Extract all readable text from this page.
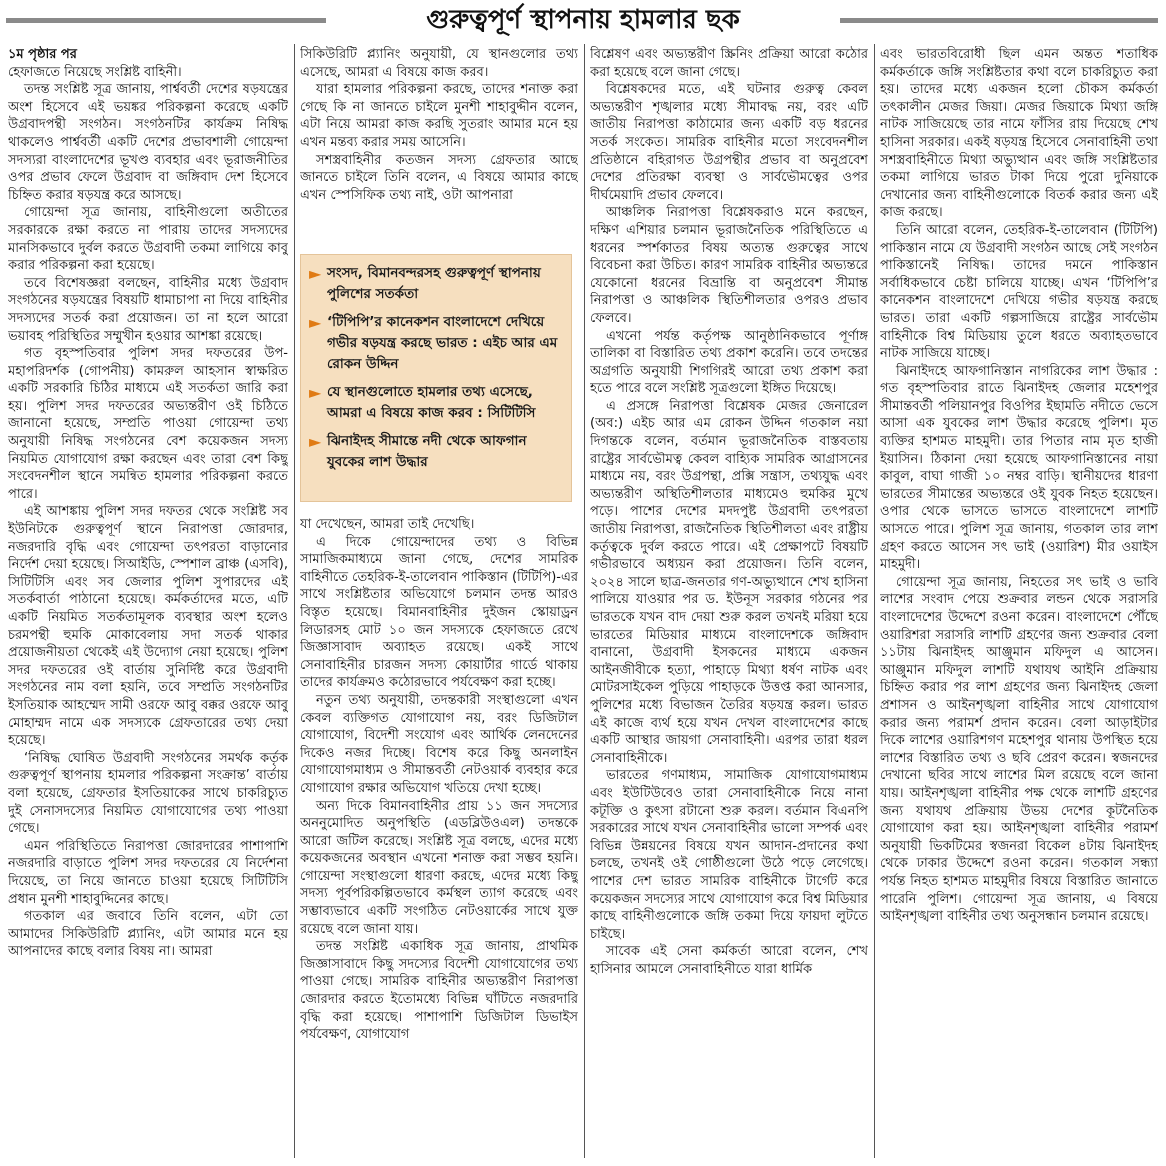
গুরুত্বপূর্ণ স্থাপনায় হামলার ছক

১ম পৃষ্ঠার পর

হেফাজতে নিয়েছে সংশ্লিষ্ট বাহিনী।

তদন্ত সংশ্লিষ্ট সূত্র জানায়, পার্শ্ববর্তী দেশের ষড়যন্ত্রের অংশ হিসেবে এই ভয়ঙ্কর পরিকল্পনা করেছে একটি উগ্রবাদপন্থী সংগঠন। সংগঠনটির কার্যক্রম নিষিদ্ধ থাকলেও পার্শ্ববর্তী একটি দেশের প্রভাবশালী গোয়েন্দা সদস্যরা বাংলাদেশের ভূখণ্ড ব্যবহার এবং ভূরাজনীতির ওপর প্রভাব ফেলে উগ্রবাদ বা জঙ্গিবাদ দেশ হিসেবে চিহ্নিত করার ষড়যন্ত্র করে আসছে।

গোয়েন্দা সূত্র জানায়, বাহিনীগুলো অতীতের সরকারকে রক্ষা করতে না পারায় তাদের সদস্যদের মানসিকভাবে দুর্বল করতে উগ্রবাদী তকমা লাগিয়ে কাবু করার পরিকল্পনা করা হয়েছে।

তবে বিশেষজ্ঞরা বলছেন, বাহিনীর মধ্যে উগ্রবাদ সংগঠনের ষড়যন্ত্রের বিষয়টি ধামাচাপা না দিয়ে বাহিনীর সদস্যদের সতর্ক করা প্রয়োজন। তা না হলে আরো ভয়াবহ পরিস্থিতির সম্মুখীন হওয়ার আশঙ্কা রয়েছে।

গত বৃহস্পতিবার পুলিশ সদর দফতরের উপ-মহাপরিদর্শক (গোপনীয়) কামরুল আহসান স্বাক্ষরিত একটি সরকারি চিঠির মাধ্যমে এই সতর্কতা জারি করা হয়। পুলিশ সদর দফতরের অভ্যন্তরীণ ওই চিঠিতে জানানো হয়েছে, সম্প্রতি পাওয়া গোয়েন্দা তথ্য অনুযায়ী নিষিদ্ধ সংগঠনের বেশ কয়েকজন সদস্য নিয়মিত যোগাযোগ রক্ষা করছেন এবং তারা বেশ কিছু সংবেদনশীল স্থানে সমন্বিত হামলার পরিকল্পনা করতে পারে।

এই আশঙ্কায় পুলিশ সদর দফতর থেকে সংশ্লিষ্ট সব ইউনিটকে গুরুত্বপূর্ণ স্থানে নিরাপত্তা জোরদার, নজরদারি বৃদ্ধি এবং গোয়েন্দা তৎপরতা বাড়ানোর নির্দেশ দেয়া হয়েছে। সিআইডি, স্পেশাল ব্রাঞ্চ (এসবি), সিটিটিসি এবং সব জেলার পুলিশ সুপারদের এই সতর্কবার্তা পাঠানো হয়েছে। কর্মকর্তাদের মতে, এটি একটি নিয়মিত সতর্কতামূলক ব্যবস্থার অংশ হলেও চরমপন্থী হুমকি মোকাবেলায় সদা সতর্ক থাকার প্রয়োজনীয়তা থেকেই এই উদ্যোগ নেয়া হয়েছে। পুলিশ সদর দফতরের ওই বার্তায় সুনির্দিষ্ট করে উগ্রবাদী সংগঠনের নাম বলা হয়নি, তবে সম্প্রতি সংগঠনটির ইসতিয়াক আহম্মেদ সামী ওরফে আবু বক্কর ওরফে আবু মোহাম্মদ নামে এক সদস্যকে গ্রেফতারের তথ্য দেয়া হয়েছে।

‘নিষিদ্ধ ঘোষিত উগ্রবাদী সংগঠনের সমর্থক কর্তৃক গুরুত্বপূর্ণ স্থাপনায় হামলার পরিকল্পনা সংক্রান্ত’ বার্তায় বলা হয়েছে, গ্রেফতার ইসতিয়াকের সাথে চাকরিচ্যুত দুই সেনাসদস্যের নিয়মিত যোগাযোগের তথ্য পাওয়া গেছে।

এমন পরিস্থিতিতে নিরাপত্তা জোরদারের পাশাপাশি নজরদারি বাড়াতে পুলিশ সদর দফতরের যে নির্দেশনা দিয়েছে, তা নিয়ে জানতে চাওয়া হয়েছে সিটিটিসি প্রধান মুনশী শাহাবুদ্দিনের কাছে।

গতকাল এর জবাবে তিনি বলেন, এটা তো আমাদের সিকিউরিটি প্ল্যানিং, এটা আমার মনে হয় আপনাদের কাছে বলার বিষয় না। আমরা

সিকিউরিটি প্ল্যানিং অনুযায়ী, যে স্থানগুলোর তথ্য এসেছে, আমরা এ বিষয়ে কাজ করব।

যারা হামলার পরিকল্পনা করছে, তাদের শনাক্ত করা গেছে কি না জানতে চাইলে মুনশী শাহাবুদ্দীন বলেন, এটা নিয়ে আমরা কাজ করছি সুতরাং আমার মনে হয় এখন মন্তব্য করার সময় আসেনি।

সশস্ত্রবাহিনীর কতজন সদস্য গ্রেফতার আছে জানতে চাইলে তিনি বলেন, এ বিষয়ে আমার কাছে এখন স্পেসিফিক তথ্য নাই, ওটা আপনারা

► সংসদ, বিমানবন্দরসহ গুরুত্বপূর্ণ স্থাপনায় পুলিশের সতর্কতা
► ‘টিপিপি’র কানেকশন বাংলাদেশে দেখিয়ে গভীর ষড়যন্ত্র করছে ভারত : এইচ আর এম রোকন উদ্দিন
► যে স্থানগুলোতে হামলার তথ্য এসেছে, আমরা এ বিষয়ে কাজ করব : সিটিটিসি
► ঝিনাইদহ সীমান্তে নদী থেকে আফগান যুবকের লাশ উদ্ধার

যা দেখেছেন, আমরা তাই দেখেছি।

এ দিকে গোয়েন্দাদের তথ্য ও বিভিন্ন সামাজিকমাধ্যমে জানা গেছে, দেশের সামরিক বাহিনীতে তেহরিক-ই-তালেবান পাকিস্তান (টিটিপি)-এর সাথে সংশ্লিষ্টতার অভিযোগে চলমান তদন্ত আরও বিস্তৃত হয়েছে। বিমানবাহিনীর দুইজন স্কোয়াড্রন লিডারসহ মোট ১০ জন সদস্যকে হেফাজতে রেখে জিজ্ঞাসাবাদ অব্যাহত রয়েছে। একই সাথে সেনাবাহিনীর চারজন সদস্য কোয়ার্টার গার্ডে থাকায় তাদের কার্যক্রমও কঠোরভাবে পর্যবেক্ষণ করা হচ্ছে।

নতুন তথ্য অনুযায়ী, তদন্তকারী সংস্থাগুলো এখন কেবল ব্যক্তিগত যোগাযোগ নয়, বরং ডিজিটাল যোগাযোগ, বিদেশী সংযোগ এবং আর্থিক লেনদেনের দিকেও নজর দিচ্ছে। বিশেষ করে কিছু অনলাইন যোগাযোগমাধ্যম ও সীমান্তবর্তী নেটওয়ার্ক ব্যবহার করে যোগাযোগ রক্ষার অভিযোগ খতিয়ে দেখা হচ্ছে।

অন্য দিকে বিমানবাহিনীর প্রায় ১১ জন সদস্যের অননুমোদিত অনুপস্থিতি (এডব্লিউওএল) তদন্তকে আরো জটিল করেছে। সংশ্লিষ্ট সূত্র বলছে, এদের মধ্যে কয়েকজনের অবস্থান এখনো শনাক্ত করা সম্ভব হয়নি। গোয়েন্দা সংস্থাগুলো ধারণা করছে, এদের মধ্যে কিছু সদস্য পূর্বপরিকল্পিতভাবে কর্মস্থল ত্যাগ করেছে এবং সম্ভাব্যভাবে একটি সংগঠিত নেটওয়ার্কের সাথে যুক্ত রয়েছে বলে জানা যায়।

তদন্ত সংশ্লিষ্ট একাধিক সূত্র জানায়, প্রাথমিক জিজ্ঞাসাবাদে কিছু সদস্যের বিদেশী যোগাযোগের তথ্য পাওয়া গেছে। সামরিক বাহিনীর অভ্যন্তরীণ নিরাপত্তা জোরদার করতে ইতোমধ্যে বিভিন্ন ঘাঁটিতে নজরদারি বৃদ্ধি করা হয়েছে। পাশাপাশি ডিজিটাল ডিভাইস পর্যবেক্ষণ, যোগাযোগ

বিশ্লেষণ এবং অভ্যন্তরীণ স্ক্রিনিং প্রক্রিয়া আরো কঠোর করা হয়েছে বলে জানা গেছে।

বিশ্লেষকদের মতে, এই ঘটনার গুরুত্ব কেবল অভ্যন্তরীণ শৃঙ্খলার মধ্যে সীমাবদ্ধ নয়, বরং এটি জাতীয় নিরাপত্তা কাঠামোর জন্য একটি বড় ধরনের সতর্ক সংকেত। সামরিক বাহিনীর মতো সংবেদনশীল প্রতিষ্ঠানে বহিরাগত উগ্রপন্থীর প্রভাব বা অনুপ্রবেশ দেশের প্রতিরক্ষা ব্যবস্থা ও সার্বভৌমত্বের ওপর দীর্ঘমেয়াদি প্রভাব ফেলবে।

আঞ্চলিক নিরাপত্তা বিশ্লেষকরাও মনে করছেন, দক্ষিণ এশিয়ার চলমান ভূরাজনৈতিক পরিস্থিতিতে এ ধরনের স্পর্শকাতর বিষয় অত্যন্ত গুরুত্বের সাথে বিবেচনা করা উচিত। কারণ সামরিক বাহিনীর অভ্যন্তরে যেকোনো ধরনের বিভ্রান্তি বা অনুপ্রবেশ সীমান্ত নিরাপত্তা ও আঞ্চলিক স্থিতিশীলতার ওপরও প্রভাব ফেলবে।

এখনো পর্যন্ত কর্তৃপক্ষ আনুষ্ঠানিকভাবে পূর্ণাঙ্গ তালিকা বা বিস্তারিত তথ্য প্রকাশ করেনি। তবে তদন্তের অগ্রগতি অনুযায়ী শিগগিরই আরো তথ্য প্রকাশ করা হতে পারে বলে সংশ্লিষ্ট সূত্রগুলো ইঙ্গিত দিয়েছে।

এ প্রসঙ্গে নিরাপত্তা বিশ্লেষক মেজর জেনারেল (অব:) এইচ আর এম রোকন উদ্দিন গতকাল নয়া দিগন্তকে বলেন, বর্তমান ভূরাজনৈতিক বাস্তবতায় রাষ্ট্রের সার্বভৌমত্ব কেবল বাহ্যিক সামরিক আগ্রাসনের মাধ্যমে নয়, বরং উগ্রপন্থা, প্রক্সি সন্ত্রাস, তথ্যযুদ্ধ এবং অভ্যন্তরীণ অস্থিতিশীলতার মাধ্যমেও হুমকির মুখে পড়ে। পাশের দেশের মদদপুষ্ট উগ্রবাদী তৎপরতা জাতীয় নিরাপত্তা, রাজনৈতিক স্থিতিশীলতা এবং রাষ্ট্রীয় কর্তৃত্বকে দুর্বল করতে পারে। এই প্রেক্ষাপটে বিষয়টি গভীরভাবে অধ্যয়ন করা প্রয়োজন। তিনি বলেন, ২০২৪ সালে ছাত্র-জনতার গণ-অভ্যুত্থানে শেখ হাসিনা পালিয়ে যাওয়ার পর ড. ইউনূস সরকার গঠনের পর ভারতকে যখন বাদ দেয়া শুরু করল তখনই মরিয়া হয়ে ভারতের মিডিয়ার মাধ্যমে বাংলাদেশকে জঙ্গিবাদ বানানো, উগ্রবাদী ইসকনের মাধ্যমে একজন আইনজীবীকে হত্যা, পাহাড়ে মিথ্যা ধর্ষণ নাটক এবং মোটরসাইকেল পুড়িয়ে পাহাড়কে উত্তপ্ত করা আনসার, পুলিশের মধ্যে বিভাজন তৈরির ষড়যন্ত্র করল। ভারত এই কাজে ব্যর্থ হয়ে যখন দেখল বাংলাদেশের কাছে একটি আস্থার জায়গা সেনাবাহিনী। এরপর তারা ধরল সেনাবাহিনীকে।

ভারতের গণমাধ্যম, সামাজিক যোগাযোগমাধ্যম এবং ইউটিউবেও তারা সেনাবাহিনীকে নিয়ে নানা কটূক্তি ও কুৎসা রটানো শুরু করল। বর্তমান বিএনপি সরকারের সাথে যখন সেনাবাহিনীর ভালো সম্পর্ক এবং বিভিন্ন উন্নয়নের বিষয়ে যখন আদান-প্রদানের কথা চলছে, তখনই ওই গোষ্ঠীগুলো উঠে পড়ে লেগেছে। পাশের দেশ ভারত সামরিক বাহিনীকে টার্গেট করে কয়েকজন সদস্যের সাথে যোগাযোগ করে বিশ্ব মিডিয়ার কাছে বাহিনীগুলোকে জঙ্গি তকমা দিয়ে ফায়দা লুটতে চাইছে।

সাবেক এই সেনা কর্মকর্তা আরো বলেন, শেখ হাসিনার আমলে সেনাবাহিনীতে যারা ধার্মিক

এবং ভারতবিরোধী ছিল এমন অন্তত শতাধিক কর্মকর্তাকে জঙ্গি সংশ্লিষ্টতার কথা বলে চাকরিচ্যুত করা হয়। তাদের মধ্যে একজন হলো চৌকস কর্মকর্তা তৎকালীন মেজর জিয়া। মেজর জিয়াকে মিথ্যা জঙ্গি নাটক সাজিয়েছে তার নামে ফাঁসির রায় দিয়েছে শেখ হাসিনা সরকার। একই ষড়যন্ত্র হিসেবে সেনাবাহিনী তথা সশস্ত্রবাহিনীতে মিথ্যা অভ্যুত্থান এবং জঙ্গি সংশ্লিষ্টতার তকমা লাগিয়ে ভারত টাকা দিয়ে পুরো দুনিয়াকে দেখানোর জন্য বাহিনীগুলোকে বিতর্ক করার জন্য এই কাজ করছে।

তিনি আরো বলেন, তেহরিক-ই-তালেবান (টিটিপি) পাকিস্তান নামে যে উগ্রবাদী সংগঠন আছে সেই সংগঠন পাকিস্তানেই নিষিদ্ধ। তাদের দমনে পাকিস্তান সর্বাধিকভাবে চেষ্টা চালিয়ে যাচ্ছে। এখন ‘টিপিপি’র কানেকশন বাংলাদেশে দেখিয়ে গভীর ষড়যন্ত্র করছে ভারত। তারা একটি গল্পসাজিয়ে রাষ্ট্রের সার্বভৌম বাহিনীকে বিশ্ব মিডিয়ায় তুলে ধরতে অব্যাহতভাবে নাটক সাজিয়ে যাচ্ছে।

ঝিনাইদহে আফগানিস্তান নাগরিকের লাশ উদ্ধার : গত বৃহস্পতিবার রাতে ঝিনাইদহ জেলার মহেশপুর সীমান্তবর্তী পলিয়ানপুর বিওপির ইছামতি নদীতে ভেসে আসা এক যুবকের লাশ উদ্ধার করেছে পুলিশ। মৃত ব্যক্তির হাশমত মাহমুদী। তার পিতার নাম মৃত হাজী ইয়াসিন। ঠিকানা দেয়া হয়েছে আফগানিস্তানের নায়া কাবুল, বাঘা গাজী ১০ নম্বর বাড়ি। স্থানীয়দের ধারণা ভারতের সীমান্তের অভ্যন্তরে ওই যুবক নিহত হয়েছেন। ওপার থেকে ভাসতে ভাসতে বাংলাদেশে লাশটি আসতে পারে। পুলিশ সূত্র জানায়, গতকাল তার লাশ গ্রহণ করতে আসেন সৎ ভাই (ওয়ারিশ) মীর ওয়াইস মাহমুদী।

গোয়েন্দা সূত্র জানায়, নিহতের সৎ ভাই ও ভাবি লাশের সংবাদ পেয়ে শুক্রবার লন্ডন থেকে সরাসরি বাংলাদেশের উদ্দেশে রওনা করেন। বাংলাদেশে পৌঁছে ওয়ারিশরা সরাসরি লাশটি গ্রহণের জন্য শুক্রবার বেলা ১১টায় ঝিনাইদহ আঞ্জুমান মফিদুল এ আসেন। আঞ্জুমান মফিদুল লাশটি যথাযথ আইনি প্রক্রিয়ায় চিহ্নিত করার পর লাশ গ্রহণের জন্য ঝিনাইদহ জেলা প্রশাসন ও আইনশৃঙ্খলা বাহিনীর সাথে যোগাযোগ করার জন্য পরামর্শ প্রদান করেন। বেলা আড়াইটার দিকে লাশের ওয়ারিশগণ মহেশপুর থানায় উপস্থিত হয়ে লাশের বিস্তারিত তথ্য ও ছবি প্রেরণ করেন। স্বজনদের দেখানো ছবির সাথে লাশের মিল রয়েছে বলে জানা যায়। আইনশৃঙ্খলা বাহিনীর পক্ষ থেকে লাশটি গ্রহণের জন্য যথাযথ প্রক্রিয়ায় উভয় দেশের কূটনৈতিক যোগাযোগ করা হয়। আইনশৃঙ্খলা বাহিনীর পরামর্শ অনুযায়ী ভিকটিমের স্বজনরা বিকেল ৪টায় ঝিনাইদহ থেকে ঢাকার উদ্দেশে রওনা করেন। গতকাল সন্ধ্যা পর্যন্ত নিহত হাশমত মাহমুদীর বিষয়ে বিস্তারিত জানাতে পারেনি পুলিশ। গোয়েন্দা সূত্র জানায়, এ বিষয়ে আইনশৃঙ্খলা বাহিনীর তথ্য অনুসন্ধান চলমান রয়েছে।
